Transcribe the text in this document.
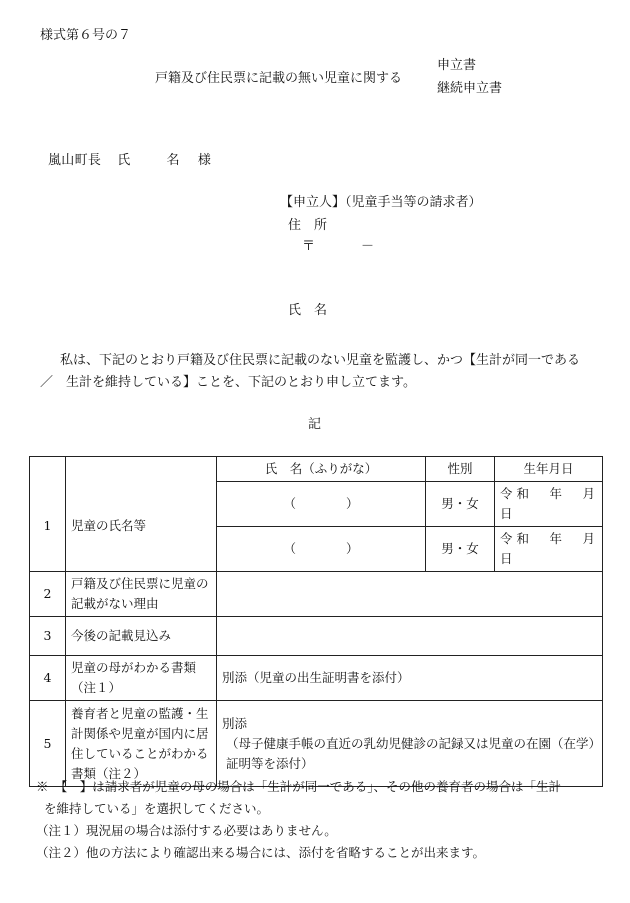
様式第６号の７
戸籍及び住民票に記載の無い児童に関する
申立書
継続申立書
嵐山町長 氏	名 様
【申立人】（児童手当等の請求者）
住　所
〒	－
氏　名
私は、下記のとおり戸籍及び住民票に記載のない児童を監護し、かつ【生計が同一である　／　生計を維持している】ことを、下記のとおり申し立てます。
記
		氏　名（ふりがな）	性別	生年月日
1	児童の氏名等	（　　　　）	男・女	令 和 年 月
日

		（　　　　）	男・女	令 和 年 月
日

2	戸籍及び住民票に児童の記載がない理由			
3	今後の記載見込み			
4	児童の母がわかる書類（注１）	別添（児童の出生証明書を添付）		
5	養育者と児童の監護・生計関係や児童が国内に居住していることがわかる書類（注２）	別添
（母子健康手帳の直近の乳幼児健診の記録又は児童の在園（在学）証明等を添付）		
※　【　】は請求者が児童の母の場合は「生計が同一である」、その他の養育者の場合は「生計
を維持している」を選択してください。
（注１）現況届の場合は添付する必要はありません。
（注２）他の方法により確認出来る場合には、添付を省略することが出来ます。
